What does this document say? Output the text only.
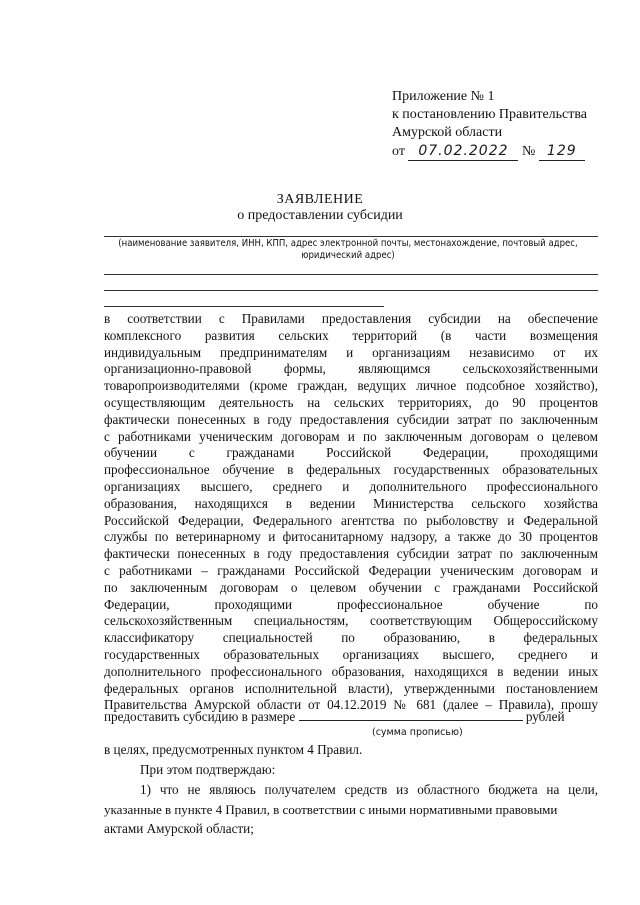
Приложение № 1
к постановлению Правительства
Амурской области
от 07.02.2022 № 129
ЗАЯВЛЕНИЕ
о предоставлении субсидии
(наименование заявителя, ИНН, КПП, адрес электронной почты, местонахождение, почтовый адрес,
юридический адрес)
в соответствии с Правилами предоставления субсидии на обеспечение
комплексного развития сельских территорий (в части возмещения
индивидуальным предпринимателям и организациям независимо от их
организационно-правовой формы, являющимся сельскохозяйственными
товаропроизводителями (кроме граждан, ведущих личное подсобное хозяйство),
осуществляющим деятельность на сельских территориях, до 90 процентов
фактически понесенных в году предоставления субсидии затрат по заключенным
с работниками ученическим договорам и по заключенным договорам о целевом
обучении с гражданами Российской Федерации, проходящими
профессиональное обучение в федеральных государственных образовательных
организациях высшего, среднего и дополнительного профессионального
образования, находящихся в ведении Министерства сельского хозяйства
Российской Федерации, Федерального агентства по рыболовству и Федеральной
службы по ветеринарному и фитосанитарному надзору, а также до 30 процентов
фактически понесенных в году предоставления субсидии затрат по заключенным
с работниками – гражданами Российской Федерации ученическим договорам и
по заключенным договорам о целевом обучении с гражданами Российской
Федерации, проходящими профессиональное обучение по
сельскохозяйственным специальностям, соответствующим Общероссийскому
классификатору специальностей по образованию, в федеральных
государственных образовательных организациях высшего, среднего и
дополнительного профессионального образования, находящихся в ведении иных
федеральных органов исполнительной власти), утвержденными постановлением
Правительства Амурской области от 04.12.2019 № 681 (далее – Правила), прошу
предоставить субсидию в размере	рублей
(сумма прописью)
в целях, предусмотренных пунктом 4 Правил.
При этом подтверждаю:
1) что не являюсь получателем средств из областного бюджета на цели,
указанные в пункте 4 Правил, в соответствии с иными нормативными правовыми
актами Амурской области;
